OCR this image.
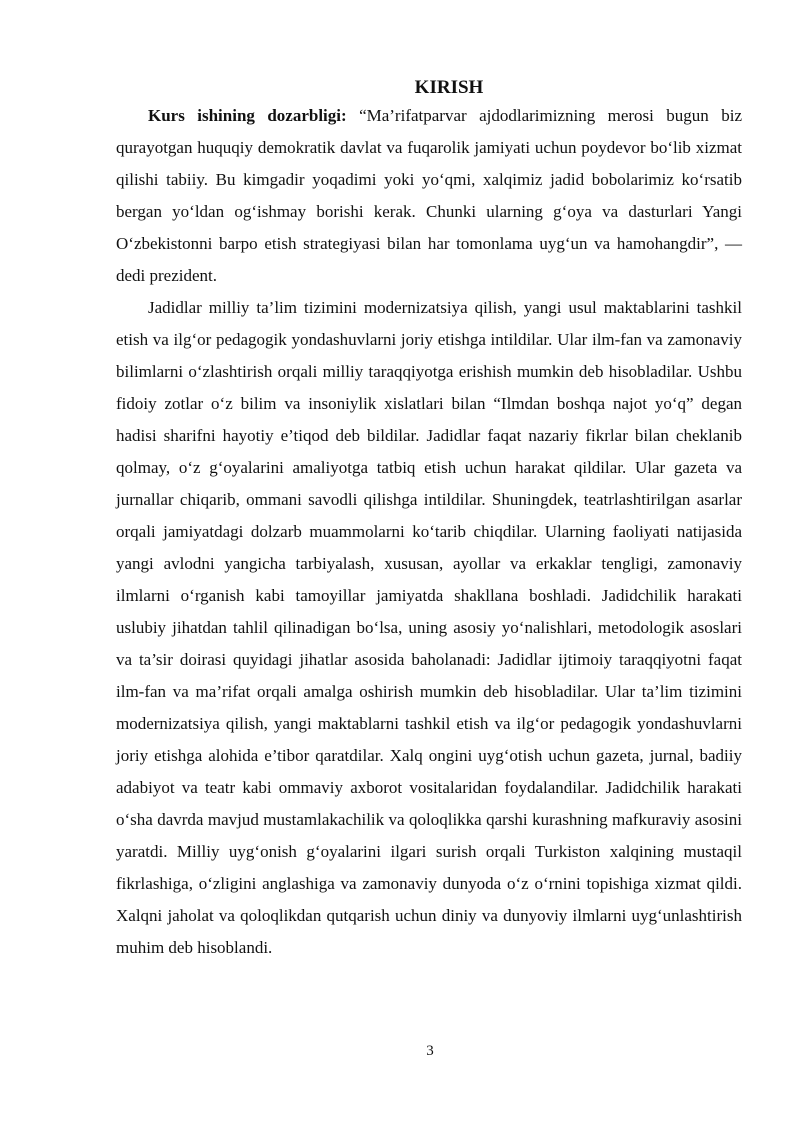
KIRISH

Kurs ishining dozarbligi: “Ma’rifatparvar ajdodlarimizning merosi bugun biz qurayotgan huquqiy demokratik davlat va fuqarolik jamiyati uchun poydevor bo‘lib xizmat qilishi tabiiy. Bu kimgadir yoqadimi yoki yo‘qmi, xalqimiz jadid bobolarimiz ko‘rsatib bergan yo‘ldan og‘ishmay borishi kerak. Chunki ularning g‘oya va dasturlari Yangi O‘zbekistonni barpo etish strategiyasi bilan har tomonlama uyg‘un va hamohangdir”, — dedi prezident.

Jadidlar milliy ta’lim tizimini modernizatsiya qilish, yangi usul maktablarini tashkil etish va ilg‘or pedagogik yondashuvlarni joriy etishga intildilar. Ular ilm-fan va zamonaviy bilimlarni o‘zlashtirish orqali milliy taraqqiyotga erishish mumkin deb hisobladilar. Ushbu fidoiy zotlar o‘z bilim va insoniylik xislatlari bilan “Ilmdan boshqa najot yo‘q” degan hadisi sharifni hayotiy e’tiqod deb bildilar. Jadidlar faqat nazariy fikrlar bilan cheklanib qolmay, o‘z g‘oyalarini amaliyotga tatbiq etish uchun harakat qildilar. Ular gazeta va jurnallar chiqarib, ommani savodli qilishga intildilar. Shuningdek, teatrlashtirilgan asarlar orqali jamiyatdagi dolzarb muammolarni ko‘tarib chiqdilar. Ularning faoliyati natijasida yangi avlodni yangicha tarbiyalash, xususan, ayollar va erkaklar tengligi, zamonaviy ilmlarni o‘rganish kabi tamoyillar jamiyatda shakllana boshladi. Jadidchilik harakati uslubiy jihatdan tahlil qilinadigan bo‘lsa, uning asosiy yo‘nalishlari, metodologik asoslari va ta’sir doirasi quyidagi jihatlar asosida baholanadi: Jadidlar ijtimoiy taraqqiyotni faqat ilm-fan va ma’rifat orqali amalga oshirish mumkin deb hisobladilar. Ular ta’lim tizimini modernizatsiya qilish, yangi maktablarni tashkil etish va ilg‘or pedagogik yondashuvlarni joriy etishga alohida e’tibor qaratdilar. Xalq ongini uyg‘otish uchun gazeta, jurnal, badiiy adabiyot va teatr kabi ommaviy axborot vositalaridan foydalandilar. Jadidchilik harakati o‘sha davrda mavjud mustamlakachilik va qoloqlikka qarshi kurashning mafkuraviy asosini yaratdi. Milliy uyg‘onish g‘oyalarini ilgari surish orqali Turkiston xalqining mustaqil fikrlashiga, o‘zligini anglashiga va zamonaviy dunyoda o‘z o‘rnini topishiga xizmat qildi. Xalqni jaholat va qoloqlikdan qutqarish uchun diniy va dunyoviy ilmlarni uyg‘unlashtirish muhim deb hisoblandi.

3
